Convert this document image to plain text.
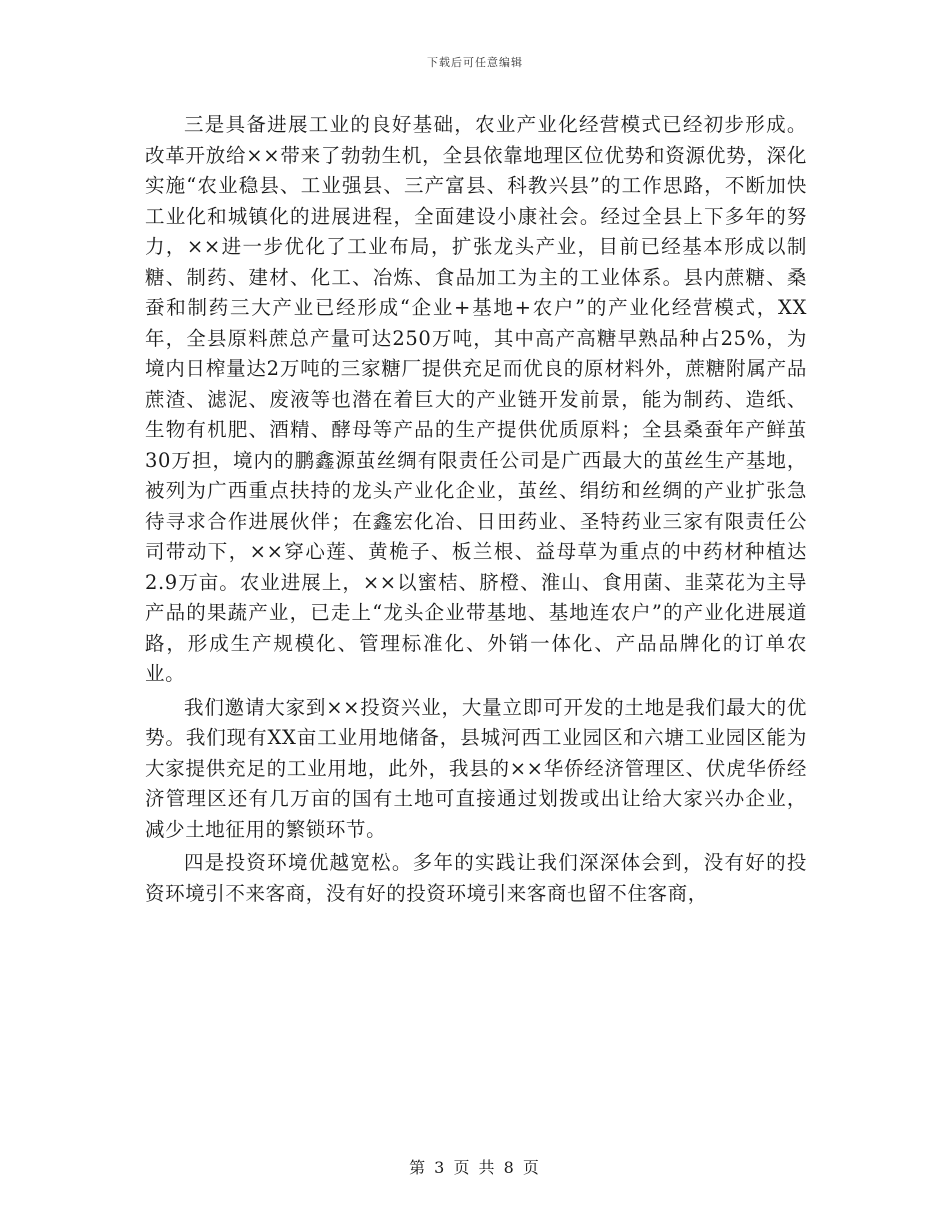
下载后可任意编辑

三是具备进展工业的良好基础，农业产业化经营模式已经初步形成。改革开放给××带来了勃勃生机，全县依靠地理区位优势和资源优势，深化实施“农业稳县、工业强县、三产富县、科教兴县”的工作思路，不断加快工业化和城镇化的进展进程，全面建设小康社会。经过全县上下多年的努力，××进一步优化了工业布局，扩张龙头产业，目前已经基本形成以制糖、制药、建材、化工、冶炼、食品加工为主的工业体系。县内蔗糖、桑蚕和制药三大产业已经形成“企业+基地+农户”的产业化经营模式，XX年，全县原料蔗总产量可达250万吨，其中高产高糖早熟品种占25%，为境内日榨量达2万吨的三家糖厂提供充足而优良的原材料外，蔗糖附属产品蔗渣、滤泥、废液等也潜在着巨大的产业链开发前景，能为制药、造纸、生物有机肥、酒精、酵母等产品的生产提供优质原料；全县桑蚕年产鲜茧30万担，境内的鹏鑫源茧丝绸有限责任公司是广西最大的茧丝生产基地，被列为广西重点扶持的龙头产业化企业，茧丝、绢纺和丝绸的产业扩张急待寻求合作进展伙伴；在鑫宏化冶、日田药业、圣特药业三家有限责任公司带动下，××穿心莲、黄桅子、板兰根、益母草为重点的中药材种植达2.9万亩。农业进展上，××以蜜桔、脐橙、淮山、食用菌、韭菜花为主导产品的果蔬产业，已走上“龙头企业带基地、基地连农户”的产业化进展道路，形成生产规模化、管理标准化、外销一体化、产品品牌化的订单农业。

我们邀请大家到××投资兴业，大量立即可开发的土地是我们最大的优势。我们现有XX亩工业用地储备，县城河西工业园区和六塘工业园区能为大家提供充足的工业用地，此外，我县的××华侨经济管理区、伏虎华侨经济管理区还有几万亩的国有土地可直接通过划拨或出让给大家兴办企业，减少土地征用的繁锁环节。

四是投资环境优越宽松。多年的实践让我们深深体会到，没有好的投资环境引不来客商，没有好的投资环境引来客商也留不住客商，

第 3 页 共 8 页
